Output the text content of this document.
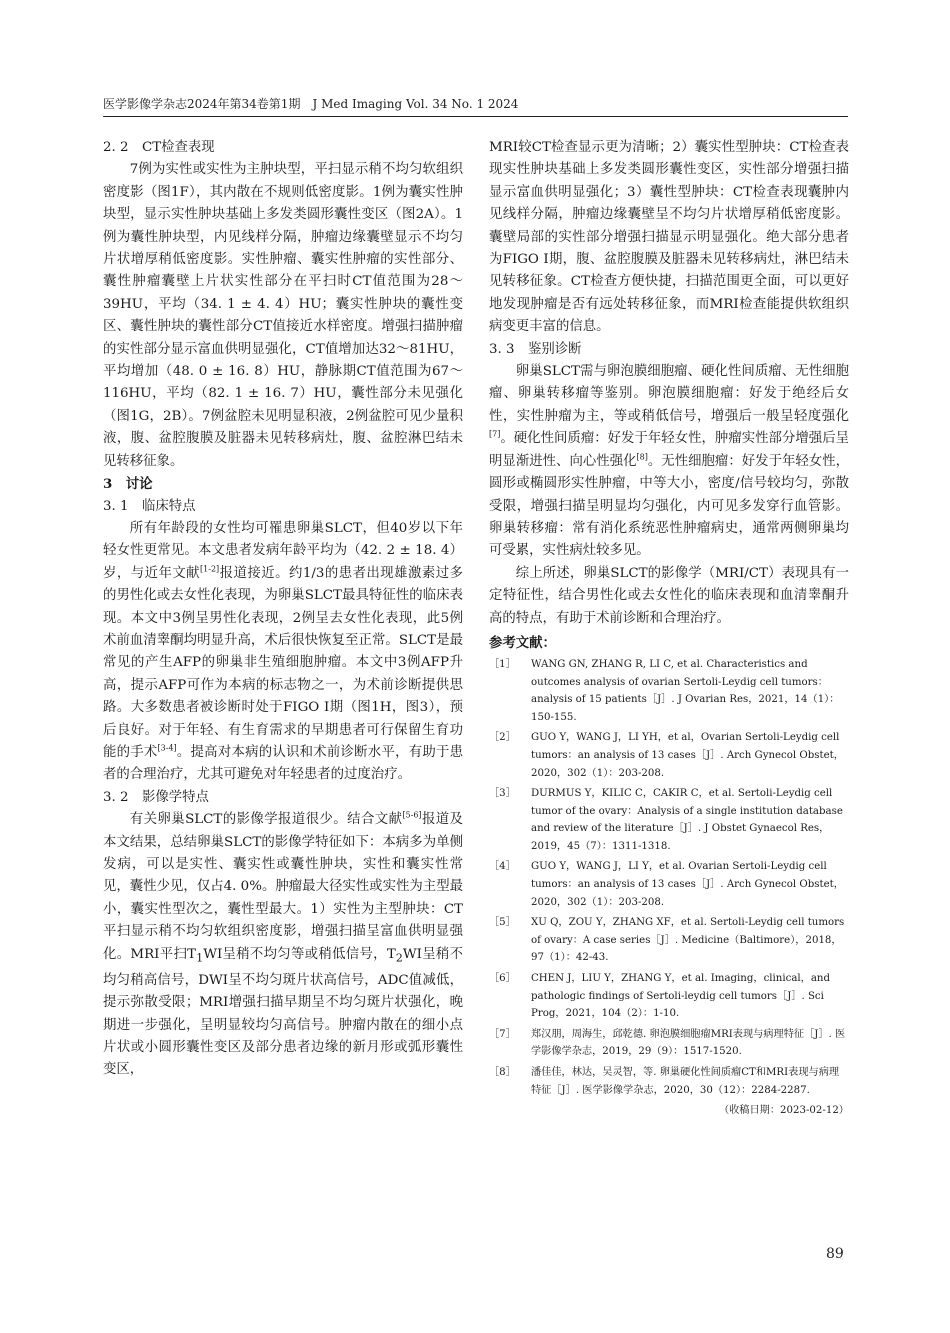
医学影像学杂志2024年第34卷第1期　J Med Imaging Vol. 34 No. 1 2024
2. 2　CT检查表现

7例为实性或实性为主肿块型，平扫显示稍不均匀软组织密度影（图1F），其内散在不规则低密度影。1例为囊实性肿块型，显示实性肿块基础上多发类圆形囊性变区（图2A）。1例为囊性肿块型，内见线样分隔，肿瘤边缘囊壁显示不均匀片状增厚稍低密度影。实性肿瘤、囊实性肿瘤的实性部分、囊性肿瘤囊壁上片状实性部分在平扫时CT值范围为28～39HU，平均（34. 1 ± 4. 4）HU；囊实性肿块的囊性变区、囊性肿块的囊性部分CT值接近水样密度。增强扫描肿瘤的实性部分显示富血供明显强化，CT值增加达32～81HU，平均增加（48. 0 ± 16. 8）HU，静脉期CT值范围为67～116HU，平均（82. 1 ± 16. 7）HU，囊性部分未见强化（图1G，2B）。7例盆腔未见明显积液，2例盆腔可见少量积液，腹、盆腔腹膜及脏器未见转移病灶，腹、盆腔淋巴结未见转移征象。

3　讨论
3. 1　临床特点

所有年龄段的女性均可罹患卵巢SLCT，但40岁以下年轻女性更常见。本文患者发病年龄平均为（42. 2 ± 18. 4）岁，与近年文献[1-2]报道接近。约1/3的患者出现雄激素过多的男性化或去女性化表现，为卵巢SLCT最具特征性的临床表现。本文中3例呈男性化表现，2例呈去女性化表现，此5例术前血清睾酮均明显升高，术后很快恢复至正常。SLCT是最常见的产生AFP的卵巢非生殖细胞肿瘤。本文中3例AFP升高，提示AFP可作为本病的标志物之一，为术前诊断提供思路。大多数患者被诊断时处于FIGO Ⅰ期（图1H，图3），预后良好。对于年轻、有生育需求的早期患者可行保留生育功能的手术[3-4]。提高对本病的认识和术前诊断水平，有助于患者的合理治疗，尤其可避免对年轻患者的过度治疗。

3. 2　影像学特点

有关卵巢SLCT的影像学报道很少。结合文献[5-6]报道及本文结果，总结卵巢SLCT的影像学特征如下：本病多为单侧发病，可以是实性、囊实性或囊性肿块，实性和囊实性常见，囊性少见，仅占4. 0%。肿瘤最大径实性或实性为主型最小，囊实性型次之，囊性型最大。1）实性为主型肿块：CT平扫显示稍不均匀软组织密度影，增强扫描呈富血供明显强化。MRI平扫$T_1WI$呈稍不均匀等或稍低信号，$T_2WI$呈稍不均匀稍高信号，DWI呈不均匀斑片状高信号，ADC值减低，提示弥散受限；MRI增强扫描早期呈不均匀斑片状强化，晚期进一步强化，呈明显较均匀高信号。肿瘤内散在的细小点片状或小圆形囊性变区及部分患者边缘的新月形或弧形囊性变区，

MRI较CT检查显示更为清晰；2）囊实性型肿块：CT检查表现实性肿块基础上多发类圆形囊性变区，实性部分增强扫描显示富血供明显强化；3）囊性型肿块：CT检查表现囊肿内见线样分隔，肿瘤边缘囊壁呈不均匀片状增厚稍低密度影。囊壁局部的实性部分增强扫描显示明显强化。绝大部分患者为FIGO Ⅰ期，腹、盆腔腹膜及脏器未见转移病灶，淋巴结未见转移征象。CT检查方便快捷，扫描范围更全面，可以更好地发现肿瘤是否有远处转移征象，而MRI检查能提供软组织病变更丰富的信息。

3. 3　鉴别诊断

卵巢SLCT需与卵泡膜细胞瘤、硬化性间质瘤、无性细胞瘤、卵巢转移瘤等鉴别。卵泡膜细胞瘤：好发于绝经后女性，实性肿瘤为主，等或稍低信号，增强后一般呈轻度强化[7]。硬化性间质瘤：好发于年轻女性，肿瘤实性部分增强后呈明显渐进性、向心性强化[8]。无性细胞瘤：好发于年轻女性，圆形或椭圆形实性肿瘤，中等大小，密度/信号较均匀，弥散受限，增强扫描呈明显均匀强化，内可见多发穿行血管影。卵巢转移瘤：常有消化系统恶性肿瘤病史，通常两侧卵巢均可受累，实性病灶较多见。

综上所述，卵巢SLCT的影像学（MRI/CT）表现具有一定特征性，结合男性化或去女性化的临床表现和血清睾酮升高的特点，有助于术前诊断和合理治疗。

参考文献：
［1］	WANG GN, ZHANG R, LI C, et al. Characteristics and outcomes analysis of ovarian Sertoli-Leydig cell tumors：analysis of 15 patients［J］. J Ovarian Res，2021，14（1）：150-155.
［2］	GUO Y，WANG J，LI YH，et al，Ovarian Sertoli-Leydig cell tumors：an analysis of 13 cases［J］. Arch Gynecol Obstet，2020，302（1）：203-208.
［3］	DURMUS Y，KILIC C，CAKIR C，et al. Sertoli-Leydig cell tumor of the ovary：Analysis of a single institution database and review of the literature［J］. J Obstet Gynaecol Res，2019，45（7）：1311-1318.
［4］	GUO Y，WANG J，LI Y，et al. Ovarian Sertoli-Leydig cell tumors：an analysis of 13 cases［J］. Arch Gynecol Obstet，2020，302（1）：203-208.
［5］	XU Q，ZOU Y，ZHANG XF，et al. Sertoli-Leydig cell tumors of ovary：A case series［J］. Medicine（Baltimore），2018，97（1）：42-43.
［6］	CHEN J，LIU Y，ZHANG Y，et al. Imaging，clinical，and pathologic findings of Sertoli-leydig cell tumors［J］. Sci Prog，2021，104（2）：1-10.
［7］	郑汉朋，周海生，邱乾德. 卵泡膜细胞瘤MRI表现与病理特征［J］. 医学影像学杂志，2019，29（9）：1517-1520.
［8］	潘佳佳，林达，吴灵智，等. 卵巢硬化性间质瘤CT和MRI表现与病理特征［J］. 医学影像学杂志，2020，30（12）：2284-2287.
（收稿日期：2023-02-12）
89
